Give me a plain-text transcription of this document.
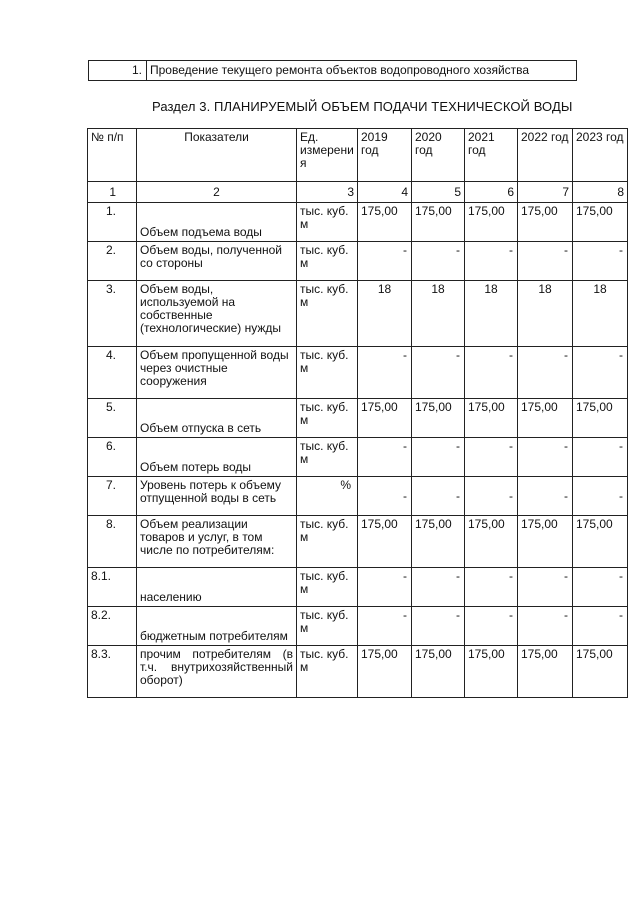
1.	Проведение текущего ремонта объектов водопроводного хозяйства
Раздел 3. ПЛАНИРУЕМЫЙ ОБЪЕМ ПОДАЧИ ТЕХНИЧЕСКОЙ ВОДЫ
№ п/п	Показатели	Ед. измерени я	2019 год	2020 год	2021 год	2022 год	2023 год
1	2	3	4	5	6	7	8
1.	Объем подъема воды	тыс. куб. м	175,00	175,00	175,00	175,00	175,00
2.	Объем воды, полученной со стороны	тыс. куб. м	-	-	-	-	-
3.	Объем воды, используемой на собственные (технологические) нужды	тыс. куб. м	18	18	18	18	18
4.	Объем пропущенной воды через очистные сооружения	тыс. куб. м	-	-	-	-	-
5.	Объем отпуска в сеть	тыс. куб. м	175,00	175,00	175,00	175,00	175,00
6.	Объем потерь воды	тыс. куб. м	-	-	-	-	-
7.	Уровень потерь к объему отпущенной воды в сеть	%	-	-	-	-	-
8.	Объем реализации товаров и услуг, в том числе по потребителям:	тыс. куб. м	175,00	175,00	175,00	175,00	175,00
8.1.	населению	тыс. куб. м	-	-	-	-	-
8.2.	бюджетным потребителям	тыс. куб. м	-	-	-	-	-
8.3.	прочим потребителям (в т.ч. внутрихозяйственный оборот)	тыс. куб. м	175,00	175,00	175,00	175,00	175,00
